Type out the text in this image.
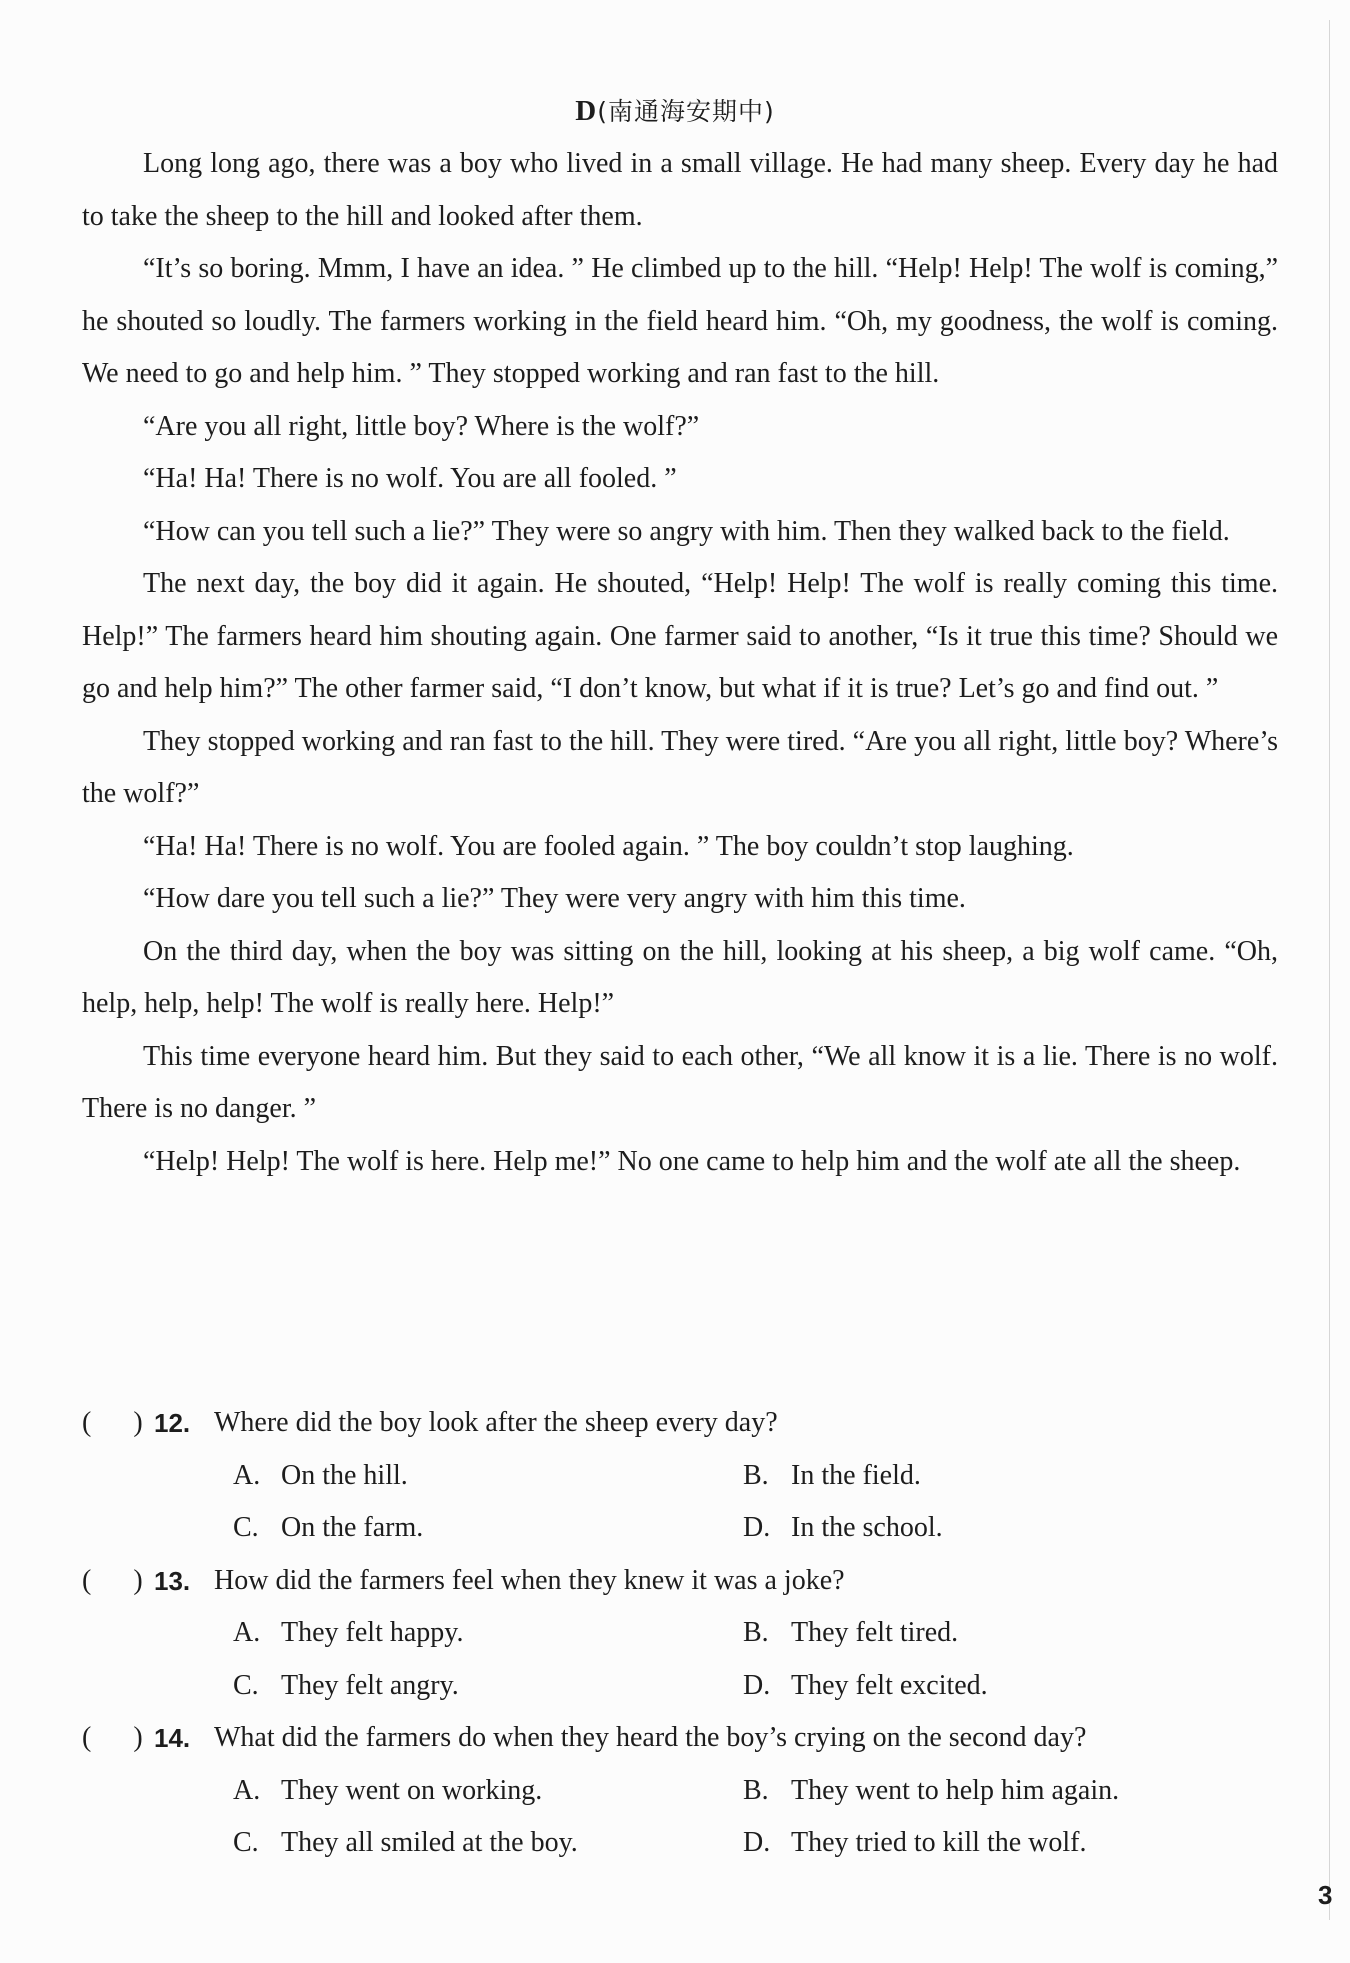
D(南通海安期中)

Long long ago, there was a boy who lived in a small village. He had many sheep. Every day he had to take the sheep to the hill and looked after them.

“It’s so boring. Mmm, I have an idea. ” He climbed up to the hill. “Help! Help! The wolf is coming,” he shouted so loudly. The farmers working in the field heard him. “Oh, my goodness, the wolf is coming. We need to go and help him. ” They stopped working and ran fast to the hill.

“Are you all right, little boy? Where is the wolf?”

“Ha! Ha! There is no wolf. You are all fooled. ”

“How can you tell such a lie?” They were so angry with him. Then they walked back to the field.

The next day, the boy did it again. He shouted, “Help! Help! The wolf is really coming this time. Help!” The farmers heard him shouting again. One farmer said to another, “Is it true this time? Should we go and help him?” The other farmer said, “I don’t know, but what if it is true? Let’s go and find out. ”

They stopped working and ran fast to the hill. They were tired. “Are you all right, little boy? Where’s the wolf?”

“Ha! Ha! There is no wolf. You are fooled again. ” The boy couldn’t stop laughing.

“How dare you tell such a lie?” They were very angry with him this time.

On the third day, when the boy was sitting on the hill, looking at his sheep, a big wolf came. “Oh, help, help, help! The wolf is really here. Help!”

This time everyone heard him. But they said to each other, “We all know it is a lie. There is no wolf. There is no danger. ”

“Help! Help! The wolf is here. Help me!” No one came to help him and the wolf ate all the sheep.

( ) 12. Where did the boy look after the sheep every day?
A. On the hill.	B. In the field.
C. On the farm.	D. In the school.
( ) 13. How did the farmers feel when they knew it was a joke?
A. They felt happy.	B. They felt tired.
C. They felt angry.	D. They felt excited.
( ) 14. What did the farmers do when they heard the boy’s crying on the second day?
A. They went on working.	B. They went to help him again.
C. They all smiled at the boy.	D. They tried to kill the wolf.
3
